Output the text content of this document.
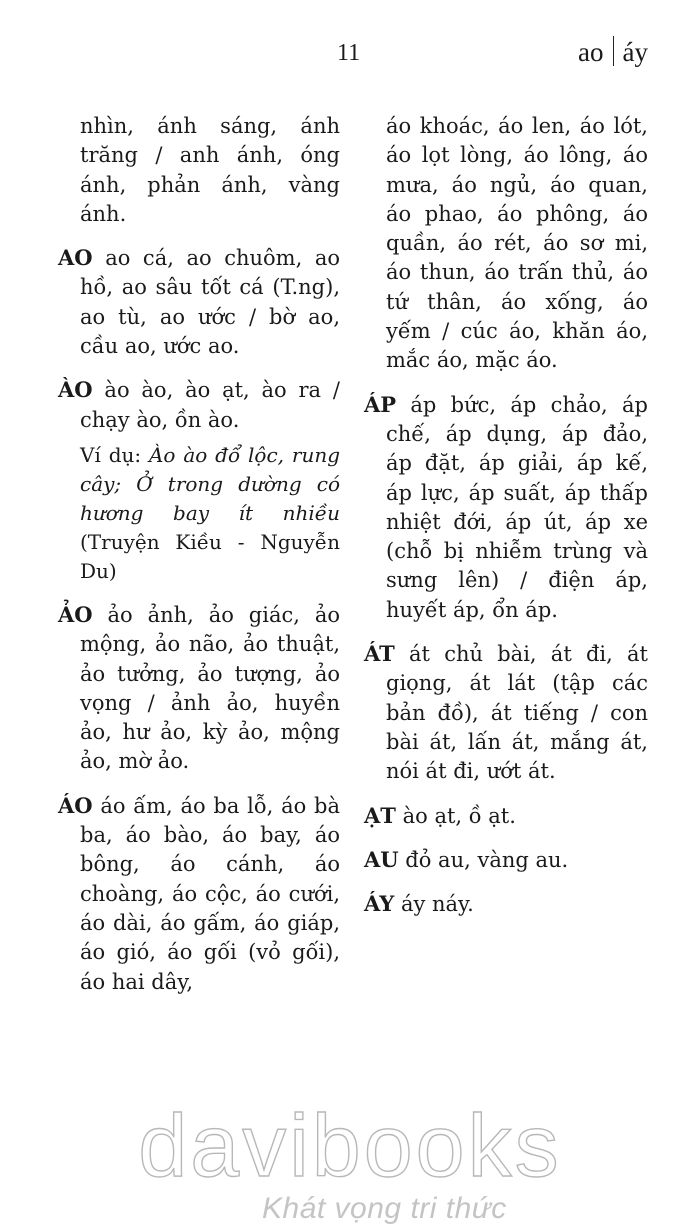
11	ao áy

nhìn, ánh sáng, ánh trăng / anh ánh, óng ánh, phản ánh, vàng ánh.

AO ao cá, ao chuôm, ao hồ, ao sâu tốt cá (T.ng), ao tù, ao ước / bờ ao, cầu ao, ước ao.

ÀO ào ào, ào ạt, ào ra / chạy ào, ồn ào.

Ví dụ: Ào ào đổ lộc, rung cây; Ở trong dường có hương bay ít nhiều (Truyện Kiều - Nguyễn Du)

ẢO ảo ảnh, ảo giác, ảo mộng, ảo não, ảo thuật, ảo tưởng, ảo tượng, ảo vọng / ảnh ảo, huyền ảo, hư ảo, kỳ ảo, mộng ảo, mờ ảo.

ÁO áo ấm, áo ba lỗ, áo bà ba, áo bào, áo bay, áo bông, áo cánh, áo choàng, áo cộc, áo cưới, áo dài, áo gấm, áo giáp, áo gió, áo gối (vỏ gối), áo hai dây,

áo khoác, áo len, áo lót, áo lọt lòng, áo lông, áo mưa, áo ngủ, áo quan, áo phao, áo phông, áo quần, áo rét, áo sơ mi, áo thun, áo trấn thủ, áo tứ thân, áo xống, áo yếm / cúc áo, khăn áo, mắc áo, mặc áo.

ÁP áp bức, áp chảo, áp chế, áp dụng, áp đảo, áp đặt, áp giải, áp kế, áp lực, áp suất, áp thấp nhiệt đới, áp út, áp xe (chỗ bị nhiễm trùng và sưng lên) / điện áp, huyết áp, ổn áp.

ÁT át chủ bài, át đi, át giọng, át lát (tập các bản đồ), át tiếng / con bài át, lấn át, mắng át, nói át đi, ướt át.

ẠT ào ạt, ồ ạt.

AU đỏ au, vàng au.

ÁY áy náy.

davibooks
Khát vọng tri thức
